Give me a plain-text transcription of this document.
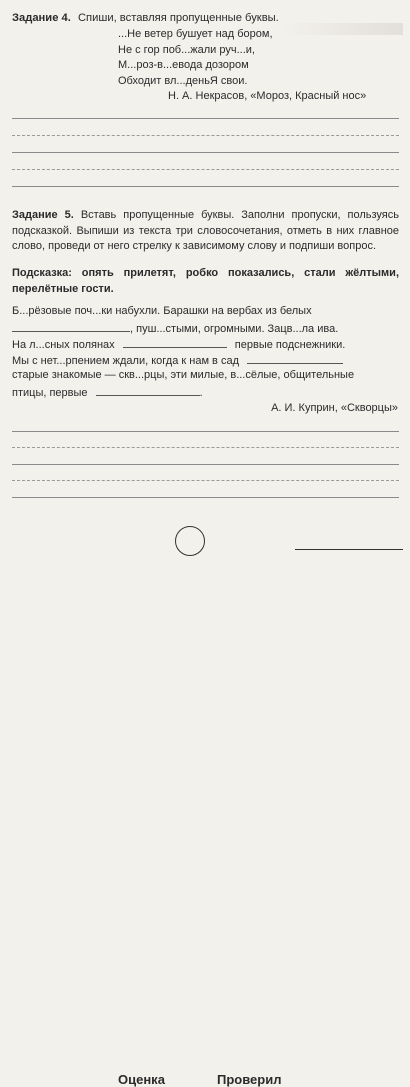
Задание 4. Спиши, вставляя пропущенные буквы.
...Не ветер бушует над бором,
Не с гор поб...жали руч...и,
М...роз-в...евода дозором
Обходит вл...деньЯ свои.
Н. А. Некрасов, «Мороз, Красный нос»
Задание 5. Вставь пропущенные буквы. Заполни пропуски, пользуясь подсказкой. Выпиши из текста три словосочетания, отметь в них главное слово, проведи от него стрелку к зависимому слову и подпиши вопрос.
Подсказка: опять прилетят, робко показались, стали жёлтыми, перелётные гости.
Б...рёзовые поч...ки набухли. Барашки на вербах из белых
, пуш...стыми, огромными. Зацв...ла ива.
На л...сных полянах	первые подснежники.
Мы с нет...рпением ждали, когда к нам в сад
старые знакомые — скв...рцы, эти милые, в...сёлые, общительные
птицы, первые	.
А. И. Куприн, «Скворцы»
Оценка	Проверил
